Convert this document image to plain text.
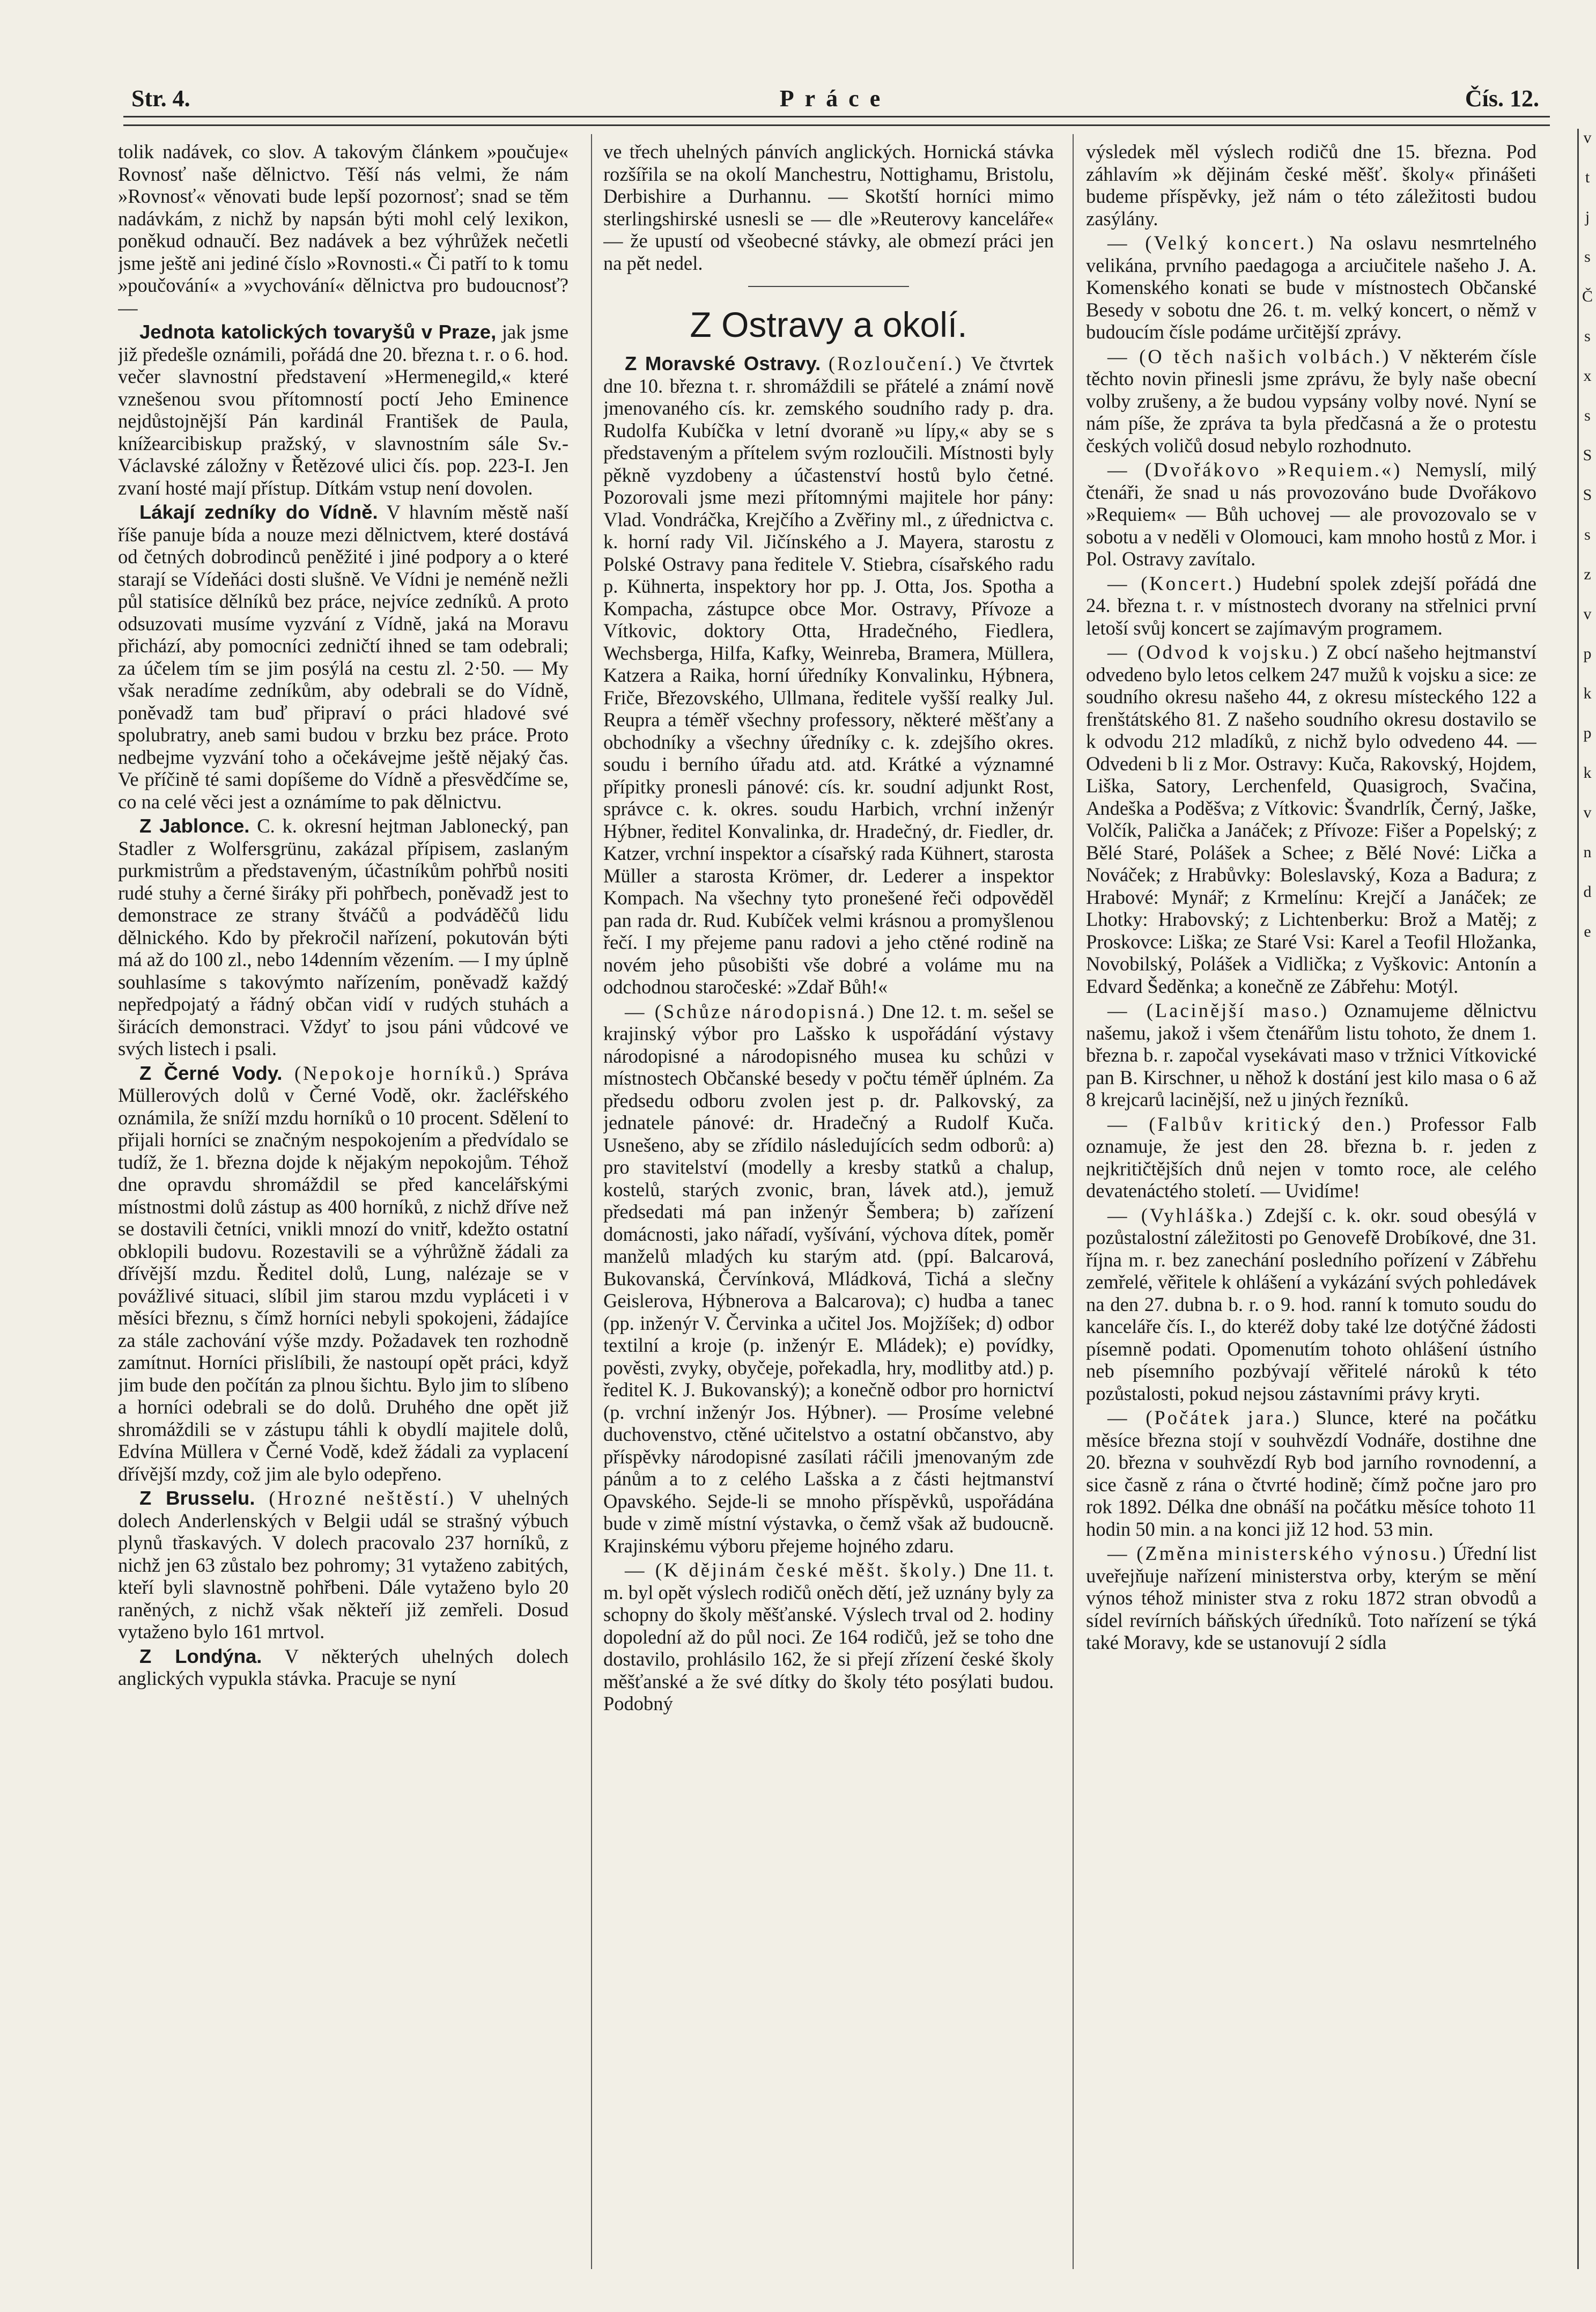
Str. 4.	Práce	Čís. 12.

tolik nadávek, co slov. A takovým článkem »poučuje« Rovnosť naše dělnictvo. Těší nás velmi, že nám »Rovnosť« věnovati bude lepší pozornosť; snad se těm nadávkám, z nichž by napsán býti mohl celý lexikon, poněkud odnaučí. Bez nadávek a bez výhrůžek nečetli jsme ještě ani jediné číslo »Rovnosti.« Či patří to k tomu »poučování« a »vychování« dělnictva pro budoucnosť? —

Jednota katolických tovaryšů v Praze, jak jsme již předešle oznámili, pořádá dne 20. března t. r. o 6. hod. večer slavnostní představení »Hermenegild,« které vznešenou svou přítomností poctí Jeho Eminence nejdůstojnější Pán kardinál František de Paula, knížearcibiskup pražský, v slavnostním sále Sv.-Václavské záložny v Řetězové ulici čís. pop. 223-I. Jen zvaní hosté mají přístup. Dítkám vstup není dovolen.

Lákají zedníky do Vídně. V hlavním městě naší říše panuje bída a nouze mezi dělnictvem, které dostává od četných dobrodinců peněžité i jiné podpory a o které starají se Vídeňáci dosti slušně. Ve Vídni je neméně nežli půl statisíce dělníků bez práce, nejvíce zedníků. A proto odsuzovati musíme vyzvání z Vídně, jaká na Moravu přichází, aby pomocníci zedničtí ihned se tam odebrali; za účelem tím se jim posýlá na cestu zl. 2·50. — My však neradíme zedníkům, aby odebrali se do Vídně, poněvadž tam buď připraví o práci hladové své spolubratry, aneb sami budou v brzku bez práce. Proto nedbejme vyzvání toho a očekávejme ještě nějaký čas. Ve příčině té sami dopíšeme do Vídně a přesvědčíme se, co na celé věci jest a oznámíme to pak dělnictvu.

Z Jablonce. C. k. okresní hejtman Jablonecký, pan Stadler z Wolfersgrünu, zakázal přípisem, zaslaným purkmistrům a představeným, účastníkům pohřbů nositi rudé stuhy a černé širáky při pohřbech, poněvadž jest to demonstrace ze strany štváčů a podváděčů lidu dělnického. Kdo by překročil nařízení, pokutován býti má až do 100 zl., nebo 14denním vězením. — I my úplně souhlasíme s takovýmto nařízením, poněvadž každý nepředpojatý a řádný občan vidí v rudých stuhách a širácích demonstraci. Vždyť to jsou páni vůdcové ve svých listech i psali.

Z Černé Vody. (Nepokoje horníků.) Správa Müllerových dolů v Černé Vodě, okr. žacléřského oznámila, že sníží mzdu horníků o 10 procent. Sdělení to přijali horníci se značným nespokojením a předvídalo se tudíž, že 1. března dojde k nějakým nepokojům. Téhož dne opravdu shromáždil se před kancelářskými místnostmi dolů zástup as 400 horníků, z nichž dříve než se dostavili četníci, vnikli mnozí do vnitř, kdežto ostatní obklopili budovu. Rozestavili se a výhrůžně žádali za dřívější mzdu. Ředitel dolů, Lung, nalézaje se v povážlivé situaci, slíbil jim starou mzdu vypláceti i v měsíci březnu, s čímž horníci nebyli spokojeni, žádajíce za stále zachování výše mzdy. Požadavek ten rozhodně zamítnut. Horníci přislíbili, že nastoupí opět práci, když jim bude den počítán za plnou šichtu. Bylo jim to slíbeno a horníci odebrali se do dolů. Druhého dne opět již shromáždili se v zástupu táhli k obydlí majitele dolů, Edvína Müllera v Černé Vodě, kdež žádali za vyplacení dřívější mzdy, což jim ale bylo odepřeno.

Z Brusselu. (Hrozné neštěstí.) V uhelných dolech Anderlenských v Belgii udál se strašný výbuch plynů třaskavých. V dolech pracovalo 237 horníků, z nichž jen 63 zůstalo bez pohromy; 31 vytaženo zabitých, kteří byli slavnostně pohřbeni. Dále vytaženo bylo 20 raněných, z nichž však někteří již zemřeli. Dosud vytaženo bylo 161 mrtvol.

Z Londýna. V některých uhelných dolech anglických vypukla stávka. Pracuje se nyní

ve třech uhelných pánvích anglických. Hornická stávka rozšířila se na okolí Manchestru, Nottighamu, Bristolu, Derbishire a Durhannu. — Skotští horníci mimo sterlingshirské usnesli se — dle »Reuterovy kanceláře« — že upustí od všeobecné stávky, ale obmezí práci jen na pět nedel.

Z Ostravy a okolí.

Z Moravské Ostravy. (Rozloučení.) Ve čtvrtek dne 10. března t. r. shromáždili se přátelé a známí nově jmenovaného cís. kr. zemského soudního rady p. dra. Rudolfa Kubíčka v letní dvoraně »u lípy,« aby se s představeným a přítelem svým rozloučili. Místnosti byly pěkně vyzdobeny a účastenství hostů bylo četné. Pozorovali jsme mezi přítomnými majitele hor pány: Vlad. Vondráčka, Krejčího a Zvěřiny ml., z úřednictva c. k. horní rady Vil. Jičínského a J. Mayera, starostu z Polské Ostravy pana ředitele V. Stiebra, císařského radu p. Kühnerta, inspektory hor pp. J. Otta, Jos. Spotha a Kompacha, zástupce obce Mor. Ostravy, Přívoze a Vítkovic, doktory Otta, Hradečného, Fiedlera, Wechsberga, Hilfa, Kafky, Weinreba, Bramera, Müllera, Katzera a Raika, horní úředníky Konvalinku, Hýbnera, Friče, Březovského, Ullmana, ředitele vyšší realky Jul. Reupra a téměř všechny professory, některé měšťany a obchodníky a všechny úředníky c. k. zdejšího okres. soudu i berního úřadu atd. atd. Krátké a významné přípitky pronesli pánové: cís. kr. soudní adjunkt Rost, správce c. k. okres. soudu Harbich, vrchní inženýr Hýbner, ředitel Konvalinka, dr. Hradečný, dr. Fiedler, dr. Katzer, vrchní inspektor a císařský rada Kühnert, starosta Müller a starosta Krömer, dr. Lederer a inspektor Kompach. Na všechny tyto pronešené řeči odpověděl pan rada dr. Rud. Kubíček velmi krásnou a promyšlenou řečí. I my přejeme panu radovi a jeho ctěné rodině na novém jeho působišti vše dobré a voláme mu na odchodnou staročeské: »Zdař Bůh!«

— (Schůze národopisná.) Dne 12. t. m. sešel se krajinský výbor pro Lašsko k uspořádání výstavy národopisné a národopisného musea ku schůzi v místnostech Občanské besedy v počtu téměř úplném. Za předsedu odboru zvolen jest p. dr. Palkovský, za jednatele pánové: dr. Hradečný a Rudolf Kuča. Usnešeno, aby se zřídilo následujících sedm odborů: a) pro stavitelství (modelly a kresby statků a chalup, kostelů, starých zvonic, bran, lávek atd.), jemuž předsedati má pan inženýr Šembera; b) zařízení domácnosti, jako nářadí, vyšívání, výchova dítek, poměr manželů mladých ku starým atd. (ppí. Balcarová, Bukovanská, Červínková, Mládková, Tichá a slečny Geislerova, Hýbnerova a Balcarova); c) hudba a tanec (pp. inženýr V. Červinka a učitel Jos. Mojžíšek; d) odbor textilní a kroje (p. inženýr E. Mládek); e) povídky, pověsti, zvyky, obyčeje, pořekadla, hry, modlitby atd.) p. ředitel K. J. Bukovanský); a konečně odbor pro hornictví (p. vrchní inženýr Jos. Hýbner). — Prosíme velebné duchovenstvo, ctěné učitelstvo a ostatní občanstvo, aby příspěvky národopisné zasílati ráčili jmenovaným zde pánům a to z celého Lašska a z části hejtmanství Opavského. Sejde-li se mnoho příspěvků, uspořádána bude v zimě místní výstavka, o čemž však až budoucně. Krajinskému výboru přejeme hojného zdaru.

— (K dějinám české měšt. školy.) Dne 11. t. m. byl opět výslech rodičů oněch dětí, jež uznány byly za schopny do školy měšťanské. Výslech trval od 2. hodiny dopolední až do půl noci. Ze 164 rodičů, jež se toho dne dostavilo, prohlásilo 162, že si přejí zřízení české školy měšťanské a že své dítky do školy této posýlati budou. Podobný

výsledek měl výslech rodičů dne 15. března. Pod záhlavím »k dějinám české měšť. školy« přinášeti budeme příspěvky, jež nám o této záležitosti budou zasýlány.

— (Velký koncert.) Na oslavu nesmrtelného velikána, prvního paedagoga a arciučitele našeho J. A. Komenského konati se bude v místnostech Občanské Besedy v sobotu dne 26. t. m. velký koncert, o němž v budoucím čísle podáme určitější zprávy.

— (O těch našich volbách.) V některém čísle těchto novin přinesli jsme zprávu, že byly naše obecní volby zrušeny, a že budou vypsány volby nové. Nyní se nám píše, že zpráva ta byla předčasná a že o protestu českých voličů dosud nebylo rozhodnuto.

— (Dvořákovo »Requiem.«) Nemyslí, milý čtenáři, že snad u nás provozováno bude Dvořákovo »Requiem« — Bůh uchovej — ale provozovalo se v sobotu a v neděli v Olomouci, kam mnoho hostů z Mor. i Pol. Ostravy zavítalo.

— (Koncert.) Hudební spolek zdejší pořádá dne 24. března t. r. v místnostech dvorany na střelnici první letoší svůj koncert se zajímavým programem.

— (Odvod k vojsku.) Z obcí našeho hejtmanství odvedeno bylo letos celkem 247 mužů k vojsku a sice: ze soudního okresu našeho 44, z okresu místeckého 122 a frenštátského 81. Z našeho soudního okresu dostavilo se k odvodu 212 mladíků, z nichž bylo odvedeno 44. — Odvedeni b li z Mor. Ostravy: Kuča, Rakovský, Hojdem, Liška, Satory, Lerchenfeld, Quasigroch, Svačina, Andeška a Poděšva; z Vítkovic: Švandrlík, Černý, Jaške, Volčík, Palička a Janáček; z Přívoze: Fišer a Popelský; z Bělé Staré, Polášek a Schee; z Bělé Nové: Lička a Nováček; z Hrabůvky: Boleslavský, Koza a Badura; z Hrabové: Mynář; z Krmelínu: Krejčí a Janáček; ze Lhotky: Hrabovský; z Lichtenberku: Brož a Matěj; z Proskovce: Liška; ze Staré Vsi: Karel a Teofil Hložanka, Novobilský, Polášek a Vidlička; z Vyškovic: Antonín a Edvard Šeděnka; a konečně ze Zábřehu: Motýl.

— (Lacinější maso.) Oznamujeme dělnictvu našemu, jakož i všem čtenářům listu tohoto, že dnem 1. března b. r. započal vysekávati maso v tržnici Vítkovické pan B. Kirschner, u něhož k dostání jest kilo masa o 6 až 8 krejcarů lacinější, než u jiných řezníků.

— (Falbův kritický den.) Professor Falb oznamuje, že jest den 28. března b. r. jeden z nejkritičtějších dnů nejen v tomto roce, ale celého devatenáctého století. — Uvidíme!

— (Vyhláška.) Zdejší c. k. okr. soud obesýlá v pozůstalostní záležitosti po Genovefě Drobíkové, dne 31. října m. r. bez zanechání posledního pořízení v Zábřehu zemřelé, věřitele k ohlášení a vykázání svých pohledávek na den 27. dubna b. r. o 9. hod. ranní k tomuto soudu do kanceláře čís. I., do kteréž doby také lze dotýčné žádosti písemně podati. Opomenutím tohoto ohlášení ústního neb písemního pozbývají věřitelé nároků k této pozůstalosti, pokud nejsou zástavními právy kryti.

— (Počátek jara.) Slunce, které na počátku měsíce března stojí v souhvězdí Vodnáře, dostihne dne 20. března v souhvězdí Ryb bod jarního rovnodenní, a sice časně z rána o čtvrté hodině; čímž počne jaro pro rok 1892. Délka dne obnáší na počátku měsíce tohoto 11 hodin 50 min. a na konci již 12 hod. 53 min.

— (Změna ministerského výnosu.) Úřední list uveřejňuje nařízení ministerstva orby, kterým se mění výnos téhož minister stva z roku 1872 stran obvodů a sídel revírních báňských úředníků. Toto nařízení se týká také Moravy, kde se ustanovují 2 sídla

v
t
j
s
Č
s
x
s
S
S
s
z
v
p
k
p
k
v
n
d
e
